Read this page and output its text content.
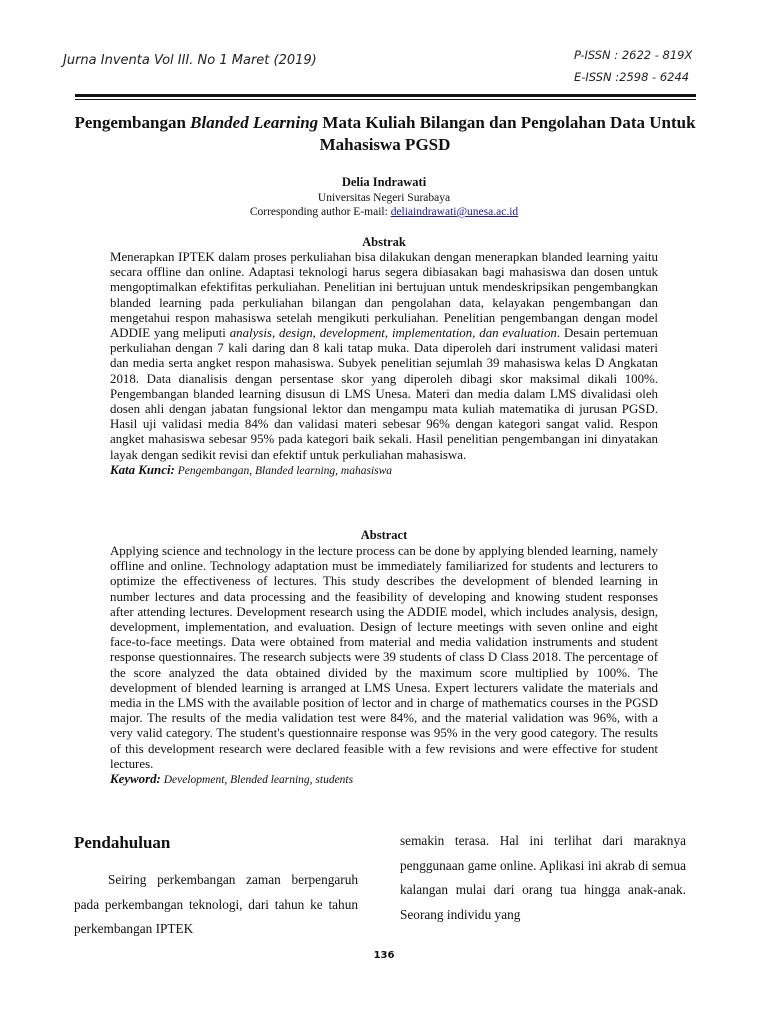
Jurna Inventa Vol III. No 1 Maret (2019)	P-ISSN : 2622 - 819X
E-ISSN :2598 - 6244
Pengembangan Blanded Learning Mata Kuliah Bilangan dan Pengolahan Data Untuk Mahasiswa PGSD
Delia Indrawati
Universitas Negeri Surabaya
Corresponding author E-mail: deliaindrawati@unesa.ac.id
Abstrak
Menerapkan IPTEK dalam proses perkuliahan bisa dilakukan dengan menerapkan blanded learning yaitu secara offline dan online. Adaptasi teknologi harus segera dibiasakan bagi mahasiswa dan dosen untuk mengoptimalkan efektifitas perkuliahan. Penelitian ini bertujuan untuk mendeskripsikan pengembangkan blanded learning pada perkuliahan bilangan dan pengolahan data, kelayakan pengembangan dan mengetahui respon mahasiswa setelah mengikuti perkuliahan. Penelitian pengembangan dengan model ADDIE yang meliputi analysis, design, development, implementation, dan evaluation. Desain pertemuan perkuliahan dengan 7 kali daring dan 8 kali tatap muka. Data diperoleh dari instrument validasi materi dan media serta angket respon mahasiswa. Subyek penelitian sejumlah 39 mahasiswa kelas D Angkatan 2018. Data dianalisis dengan persentase skor yang diperoleh dibagi skor maksimal dikali 100%. Pengembangan blanded learning disusun di LMS Unesa. Materi dan media dalam LMS divalidasi oleh dosen ahli dengan jabatan fungsional lektor dan mengampu mata kuliah matematika di jurusan PGSD. Hasil uji validasi media 84% dan validasi materi sebesar 96% dengan kategori sangat valid. Respon angket mahasiswa sebesar 95% pada kategori baik sekali. Hasil penelitian pengembangan ini dinyatakan layak dengan sedikit revisi dan efektif untuk perkuliahan mahasiswa.
Kata Kunci: Pengembangan, Blanded learning, mahasiswa
Abstract
Applying science and technology in the lecture process can be done by applying blended learning, namely offline and online. Technology adaptation must be immediately familiarized for students and lecturers to optimize the effectiveness of lectures. This study describes the development of blended learning in number lectures and data processing and the feasibility of developing and knowing student responses after attending lectures. Development research using the ADDIE model, which includes analysis, design, development, implementation, and evaluation. Design of lecture meetings with seven online and eight face-to-face meetings. Data were obtained from material and media validation instruments and student response questionnaires. The research subjects were 39 students of class D Class 2018. The percentage of the score analyzed the data obtained divided by the maximum score multiplied by 100%. The development of blended learning is arranged at LMS Unesa. Expert lecturers validate the materials and media in the LMS with the available position of lector and in charge of mathematics courses in the PGSD major. The results of the media validation test were 84%, and the material validation was 96%, with a very valid category. The student's questionnaire response was 95% in the very good category. The results of this development research were declared feasible with a few revisions and were effective for student lectures.
Keyword: Development, Blended learning, students
Pendahuluan
Seiring perkembangan zaman berpengaruh pada perkembangan teknologi, dari tahun ke tahun perkembangan IPTEK
semakin terasa. Hal ini terlihat dari maraknya penggunaan game online. Aplikasi ini akrab di semua kalangan mulai dari orang tua hingga anak-anak. Seorang individu yang
136
